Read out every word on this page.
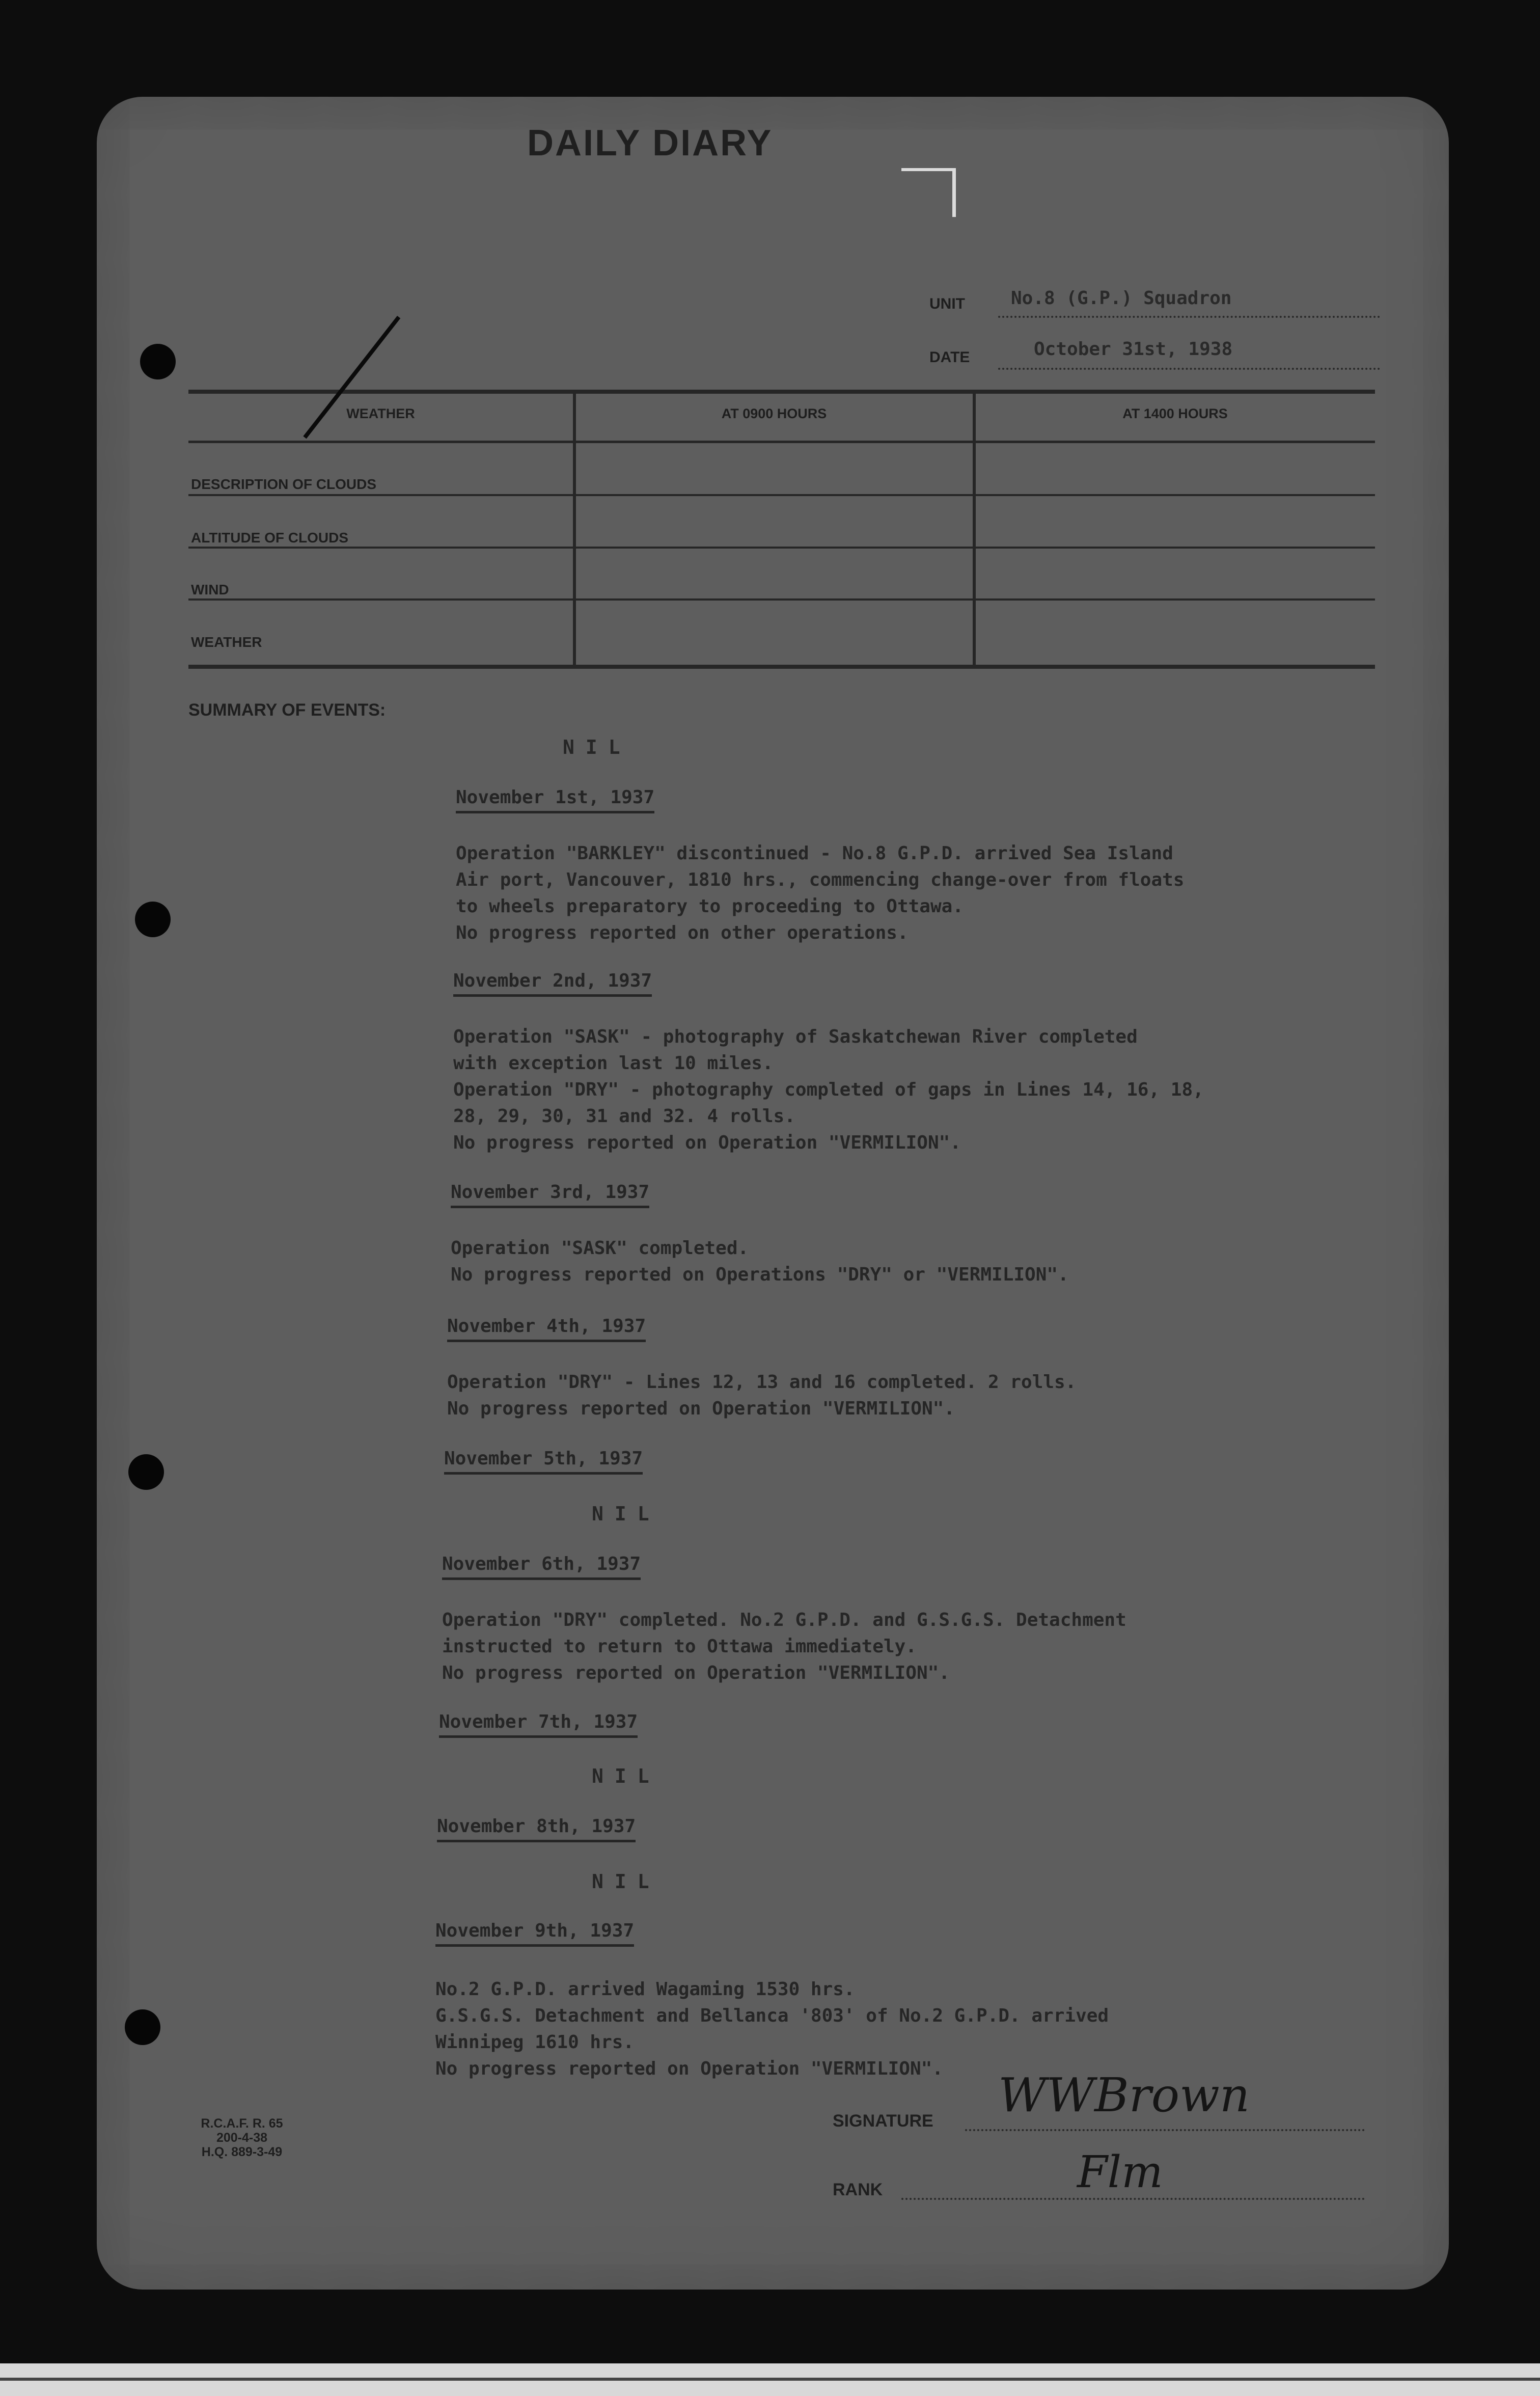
DAILY DIARY
UNIT	No.8 (G.P.) Squadron
DATE	October 31st, 1938
WEATHER	AT 0900 HOURS	AT 1400 HOURS
DESCRIPTION OF CLOUDS
ALTITUDE OF CLOUDS
WIND
WEATHER
SUMMARY OF EVENTS:
NIL
November 1st, 1937
Operation "BARKLEY" discontinued - No.8 G.P.D. arrived Sea Island
Air port, Vancouver, 1810 hrs., commencing change-over from floats
to wheels preparatory to proceeding to Ottawa.
No progress reported on other operations.
November 2nd, 1937
Operation "SASK" - photography of Saskatchewan River completed
with exception last 10 miles.
Operation "DRY" - photography completed of gaps in Lines 14, 16, 18,
28, 29, 30, 31 and 32. 4 rolls.
No progress reported on Operation "VERMILION".
November 3rd, 1937
Operation "SASK" completed.
No progress reported on Operations "DRY" or "VERMILION".
November 4th, 1937
Operation "DRY" - Lines 12, 13 and 16 completed. 2 rolls.
No progress reported on Operation "VERMILION".
November 5th, 1937
NIL
November 6th, 1937
Operation "DRY" completed. No.2 G.P.D. and G.S.G.S. Detachment
instructed to return to Ottawa immediately.
No progress reported on Operation "VERMILION".
November 7th, 1937
NIL
November 8th, 1937
NIL
November 9th, 1937
No.2 G.P.D. arrived Wagaming 1530 hrs.
G.S.G.S. Detachment and Bellanca '803' of No.2 G.P.D. arrived
Winnipeg 1610 hrs.
No progress reported on Operation "VERMILION".
R.C.A.F. R. 65
200-4-38
H.Q. 889-3-49
SIGNATURE WWBrown
RANK	Flm
